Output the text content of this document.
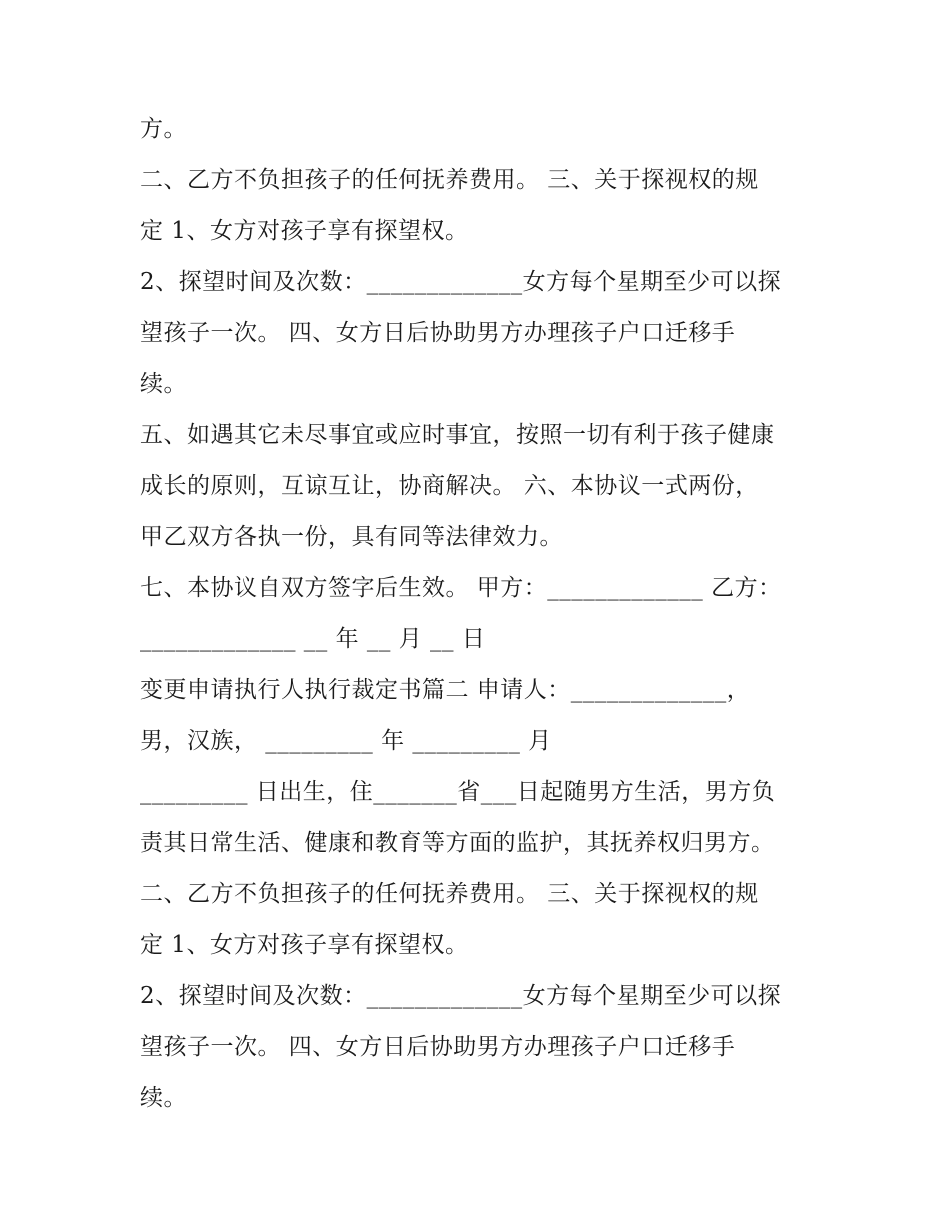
方。
二、乙方不负担孩子的任何抚养费用。 三、关于探视权的规
定 1、女方对孩子享有探望权。
2、探望时间及次数：_____________女方每个星期至少可以探
望孩子一次。 四、女方日后协助男方办理孩子户口迁移手
续。
五、如遇其它未尽事宜或应时事宜，按照一切有利于孩子健康
成长的原则，互谅互让，协商解决。 六、本协议一式两份，
甲乙双方各执一份，具有同等法律效力。
七、本协议自双方签字后生效。 甲方：_____________ 乙方：
_____________ __ 年 __ 月 __ 日
变更申请执行人执行裁定书篇二 申请人：_____________，
男，汉族， _________ 年 _________ 月
_________ 日出生，住_______省___日起随男方生活，男方负
责其日常生活、健康和教育等方面的监护，其抚养权归男方。
二、乙方不负担孩子的任何抚养费用。 三、关于探视权的规
定 1、女方对孩子享有探望权。
2、探望时间及次数：_____________女方每个星期至少可以探
望孩子一次。 四、女方日后协助男方办理孩子户口迁移手
续。
